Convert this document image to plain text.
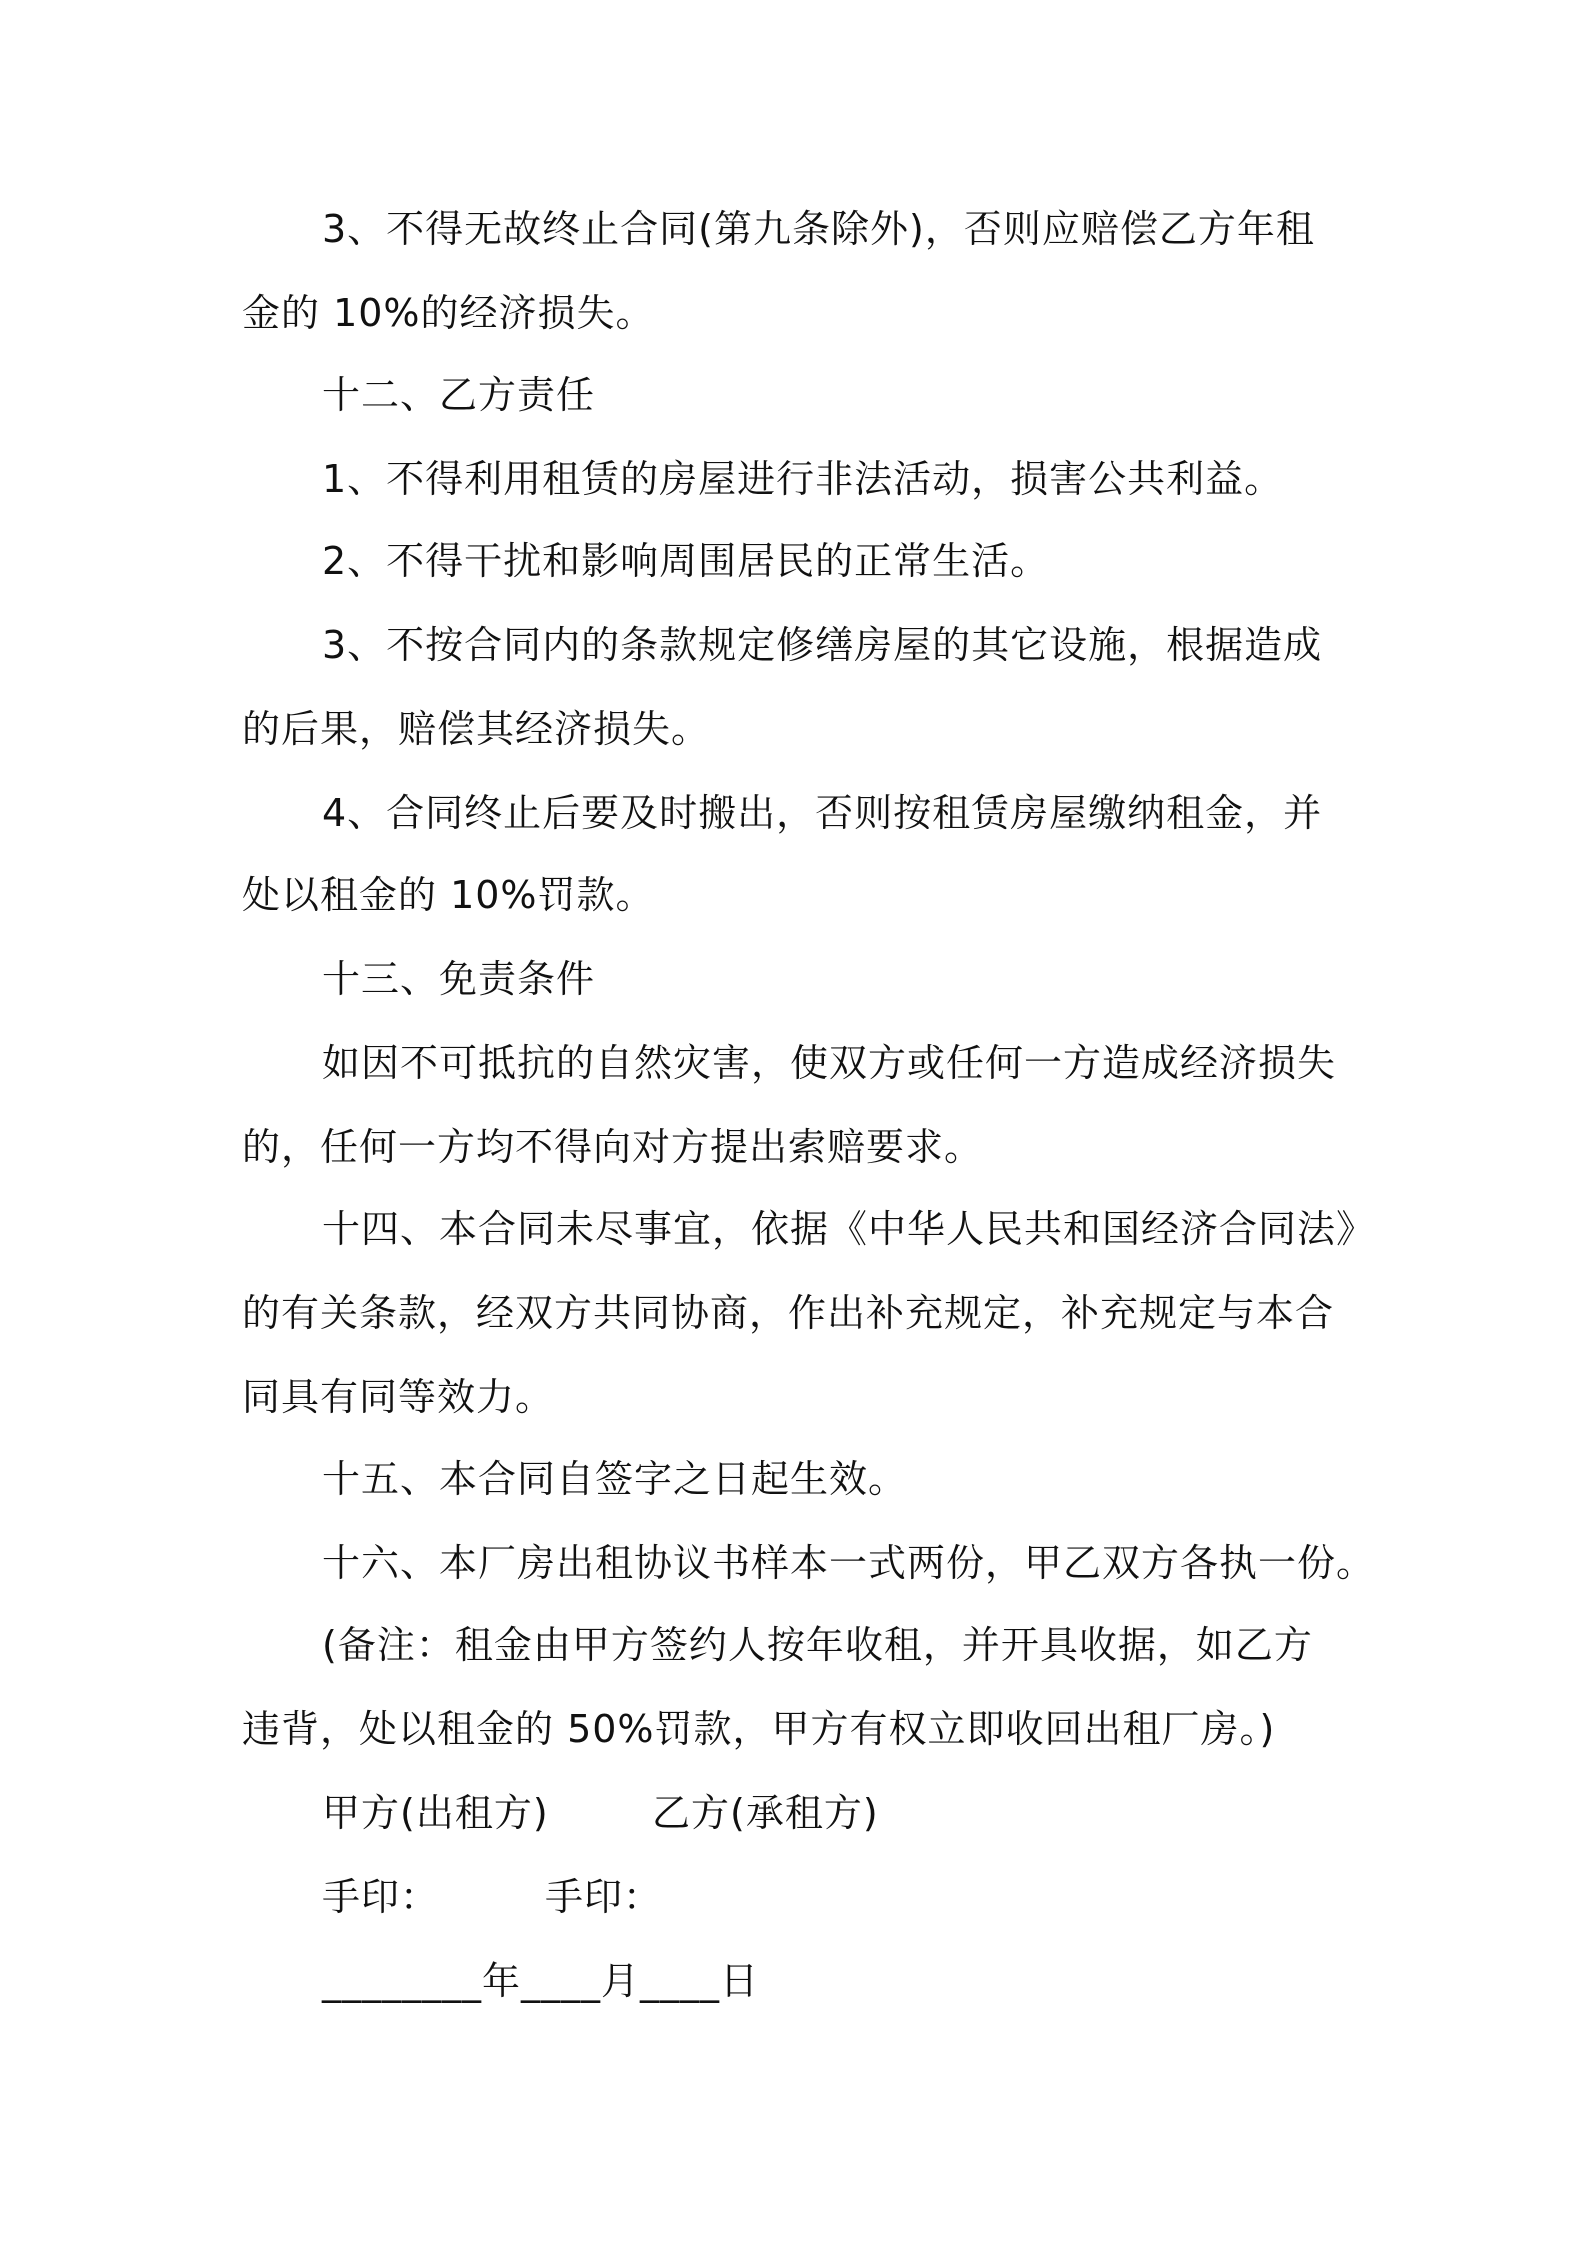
3、不得无故终止合同(第九条除外)，否则应赔偿乙方年租
金的 10%的经济损失。
十二、乙方责任
1、不得利用租赁的房屋进行非法活动，损害公共利益。
2、不得干扰和影响周围居民的正常生活。
3、不按合同内的条款规定修缮房屋的其它设施，根据造成
的后果，赔偿其经济损失。
4、合同终止后要及时搬出，否则按租赁房屋缴纳租金，并
处以租金的 10%罚款。
十三、免责条件
如因不可抵抗的自然灾害，使双方或任何一方造成经济损失
的，任何一方均不得向对方提出索赔要求。
十四、本合同未尽事宜，依据《中华人民共和国经济合同法》
的有关条款，经双方共同协商，作出补充规定，补充规定与本合
同具有同等效力。
十五、本合同自签字之日起生效。
十六、本厂房出租协议书样本一式两份，甲乙双方各执一份。
(备注：租金由甲方签约人按年收租，并开具收据，如乙方
违背，处以租金的 50%罚款，甲方有权立即收回出租厂房。)
甲方(出租方)	乙方(承租方)
手印：	手印：
________年____月____日
